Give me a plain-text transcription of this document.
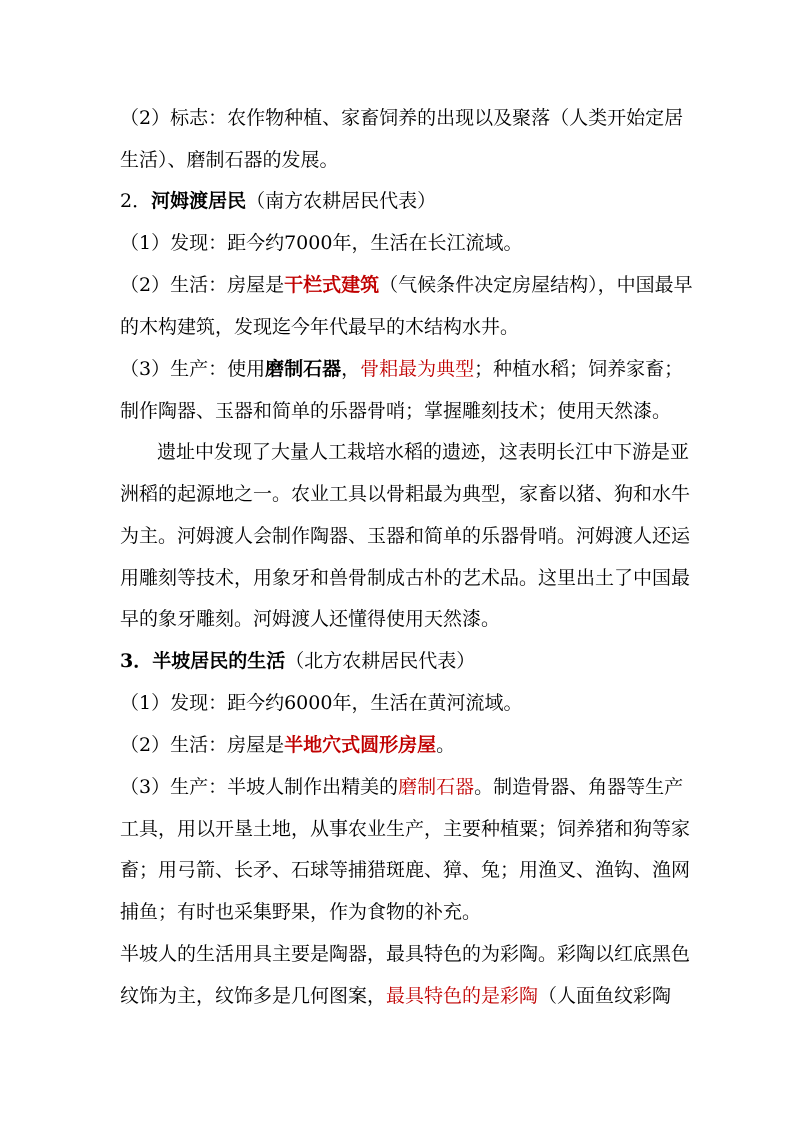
（2）标志：农作物种植、家畜饲养的出现以及聚落（人类开始定居
生活）、磨制石器的发展。
2．河姆渡居民（南方农耕居民代表）
（1）发现：距今约7000年，生活在长江流域。
（2）生活：房屋是干栏式建筑（气候条件决定房屋结构），中国最早
的木构建筑，发现迄今年代最早的木结构水井。
（3）生产：使用磨制石器，骨耜最为典型；种植水稻；饲养家畜；
制作陶器、玉器和简单的乐器骨哨；掌握雕刻技术；使用天然漆。
遗址中发现了大量人工栽培水稻的遗迹，这表明长江中下游是亚
洲稻的起源地之一。农业工具以骨耜最为典型，家畜以猪、狗和水牛
为主。河姆渡人会制作陶器、玉器和简单的乐器骨哨。河姆渡人还运
用雕刻等技术，用象牙和兽骨制成古朴的艺术品。这里出土了中国最
早的象牙雕刻。河姆渡人还懂得使用天然漆。
3．半坡居民的生活（北方农耕居民代表）
（1）发现：距今约6000年，生活在黄河流域。
（2）生活：房屋是半地穴式圆形房屋。
（3）生产：半坡人制作出精美的磨制石器。制造骨器、角器等生产
工具，用以开垦土地，从事农业生产，主要种植粟；饲养猪和狗等家
畜；用弓箭、长矛、石球等捕猎斑鹿、獐、兔；用渔叉、渔钩、渔网
捕鱼；有时也采集野果，作为食物的补充。
半坡人的生活用具主要是陶器，最具特色的为彩陶。彩陶以红底黑色
纹饰为主，纹饰多是几何图案，最具特色的是彩陶（人面鱼纹彩陶
